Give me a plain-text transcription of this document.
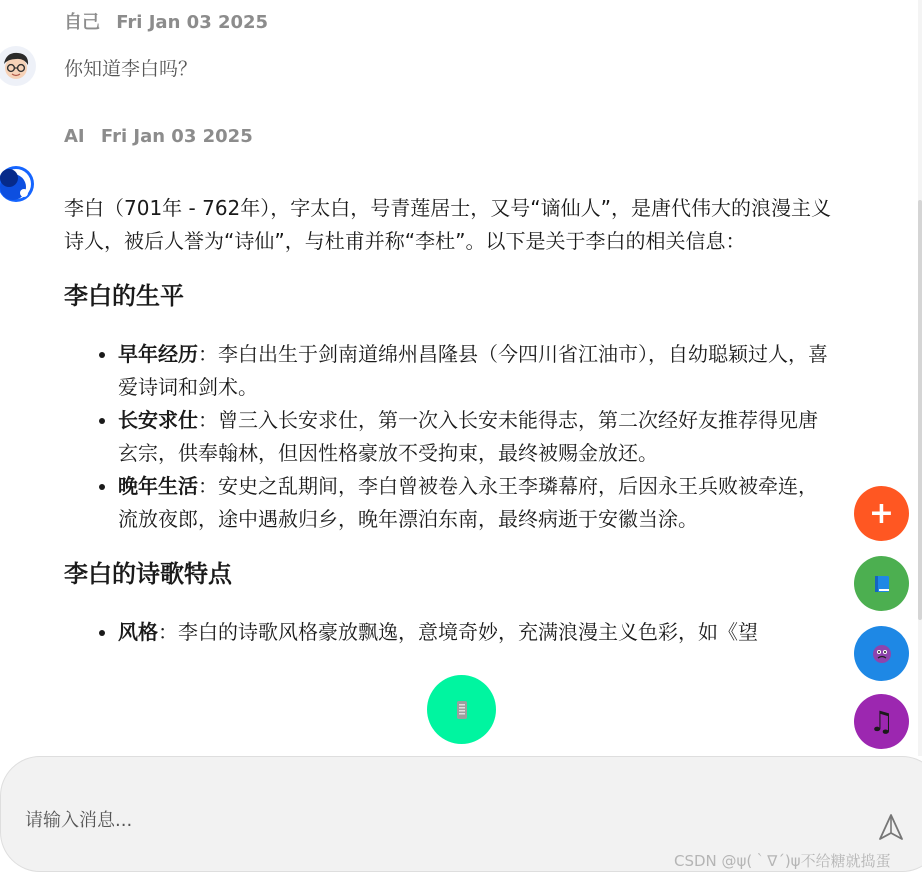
自己 Fri Jan 03 2025
你知道李白吗？
AI Fri Jan 03 2025

李白（701年 - 762年），字太白，号青莲居士，又号“谪仙人”，是唐代伟大的浪漫主义诗人，被后人誉为“诗仙”，与杜甫并称“李杜”。以下是关于李白的相关信息：

李白的生平
• 早年经历：李白出生于剑南道绵州昌隆县（今四川省江油市），自幼聪颖过人，喜爱诗词和剑术。
• 长安求仕：曾三入长安求仕，第一次入长安未能得志，第二次经好友推荐得见唐玄宗，供奉翰林，但因性格豪放不受拘束，最终被赐金放还。
• 晚年生活：安史之乱期间，李白曾被卷入永王李璘幕府，后因永王兵败被牵连，流放夜郎，途中遇赦归乡，晚年漂泊东南，最终病逝于安徽当涂。
李白的诗歌特点
• 风格：李白的诗歌风格豪放飘逸，意境奇妙，充满浪漫主义色彩，如《望
+
♫
请输入消息...
CSDN @ψ(｀∇´)ψ不给糖就捣蛋
